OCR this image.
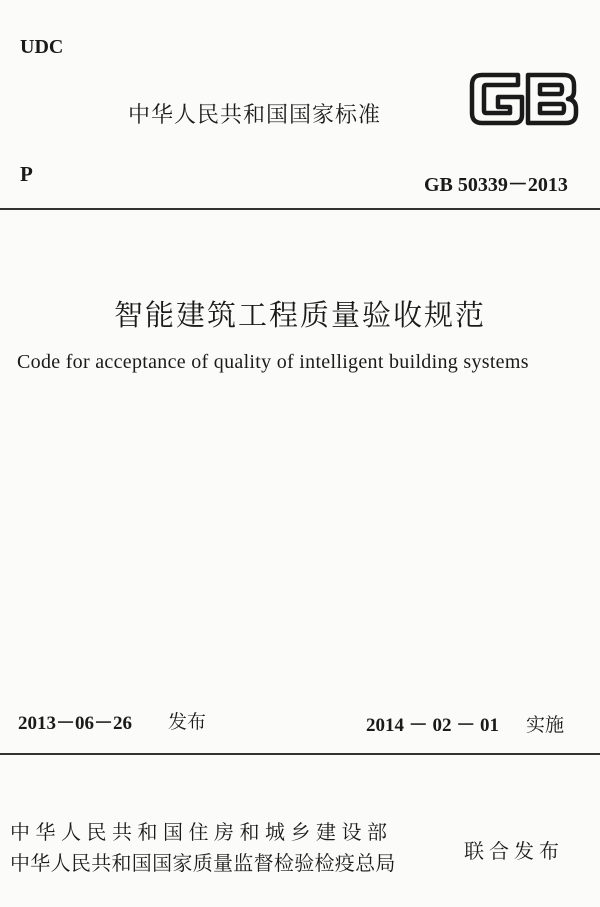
UDC
中华人民共和国国家标准
P	GB 50339－2013
智能建筑工程质量验收规范
Code for acceptance of quality of intelligent building systems
2013－06－26 发布	2014 － 02 － 01 实施
中华人民共和国住房和城乡建设部
中华人民共和国国家质量监督检验检疫总局	联合发布
